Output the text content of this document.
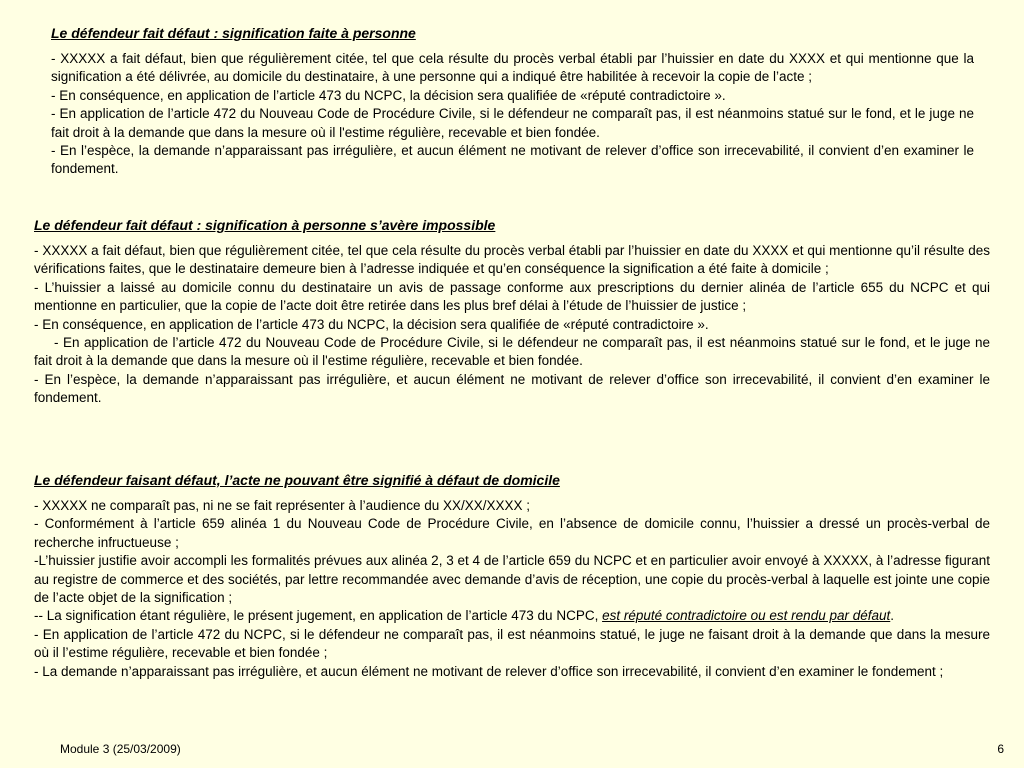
Le défendeur fait défaut : signification faite à personne

- XXXXX a fait défaut, bien que régulièrement citée, tel que cela résulte du procès verbal établi par l’huissier en date du XXXX et qui mentionne que la signification a été délivrée, au domicile du destinataire, à une personne qui a indiqué être habilitée à recevoir la copie de l’acte ;

- En conséquence, en application de l’article 473 du NCPC, la décision sera qualifiée de «réputé contradictoire ».

- En application de l’article 472 du Nouveau Code de Procédure Civile, si le défendeur ne comparaît pas, il est néanmoins statué sur le fond, et le juge ne fait droit à la demande que dans la mesure où il l'estime régulière, recevable et bien fondée.

- En l’espèce, la demande n’apparaissant pas irrégulière, et aucun élément ne motivant de relever d’office son irrecevabilité, il convient d’en examiner le fondement.

Le défendeur fait défaut : signification à personne s’avère impossible

- XXXXX a fait défaut, bien que régulièrement citée, tel que cela résulte du procès verbal établi par l’huissier en date du XXXX et qui mentionne qu’il résulte des vérifications faites, que le destinataire demeure bien à l’adresse indiquée et qu’en conséquence la signification a été faite à domicile ;

- L’huissier a laissé au domicile connu du destinataire un avis de passage conforme aux prescriptions du dernier alinéa de l’article 655 du NCPC et qui mentionne en particulier, que la copie de l’acte doit être retirée dans les plus bref délai à l’étude de l’huissier de justice ;

- En conséquence, en application de l’article 473 du NCPC, la décision sera qualifiée de «réputé contradictoire ».

- En application de l’article 472 du Nouveau Code de Procédure Civile, si le défendeur ne comparaît pas, il est néanmoins statué sur le fond, et le juge ne fait droit à la demande que dans la mesure où il l'estime régulière, recevable et bien fondée.

- En l’espèce, la demande n’apparaissant pas irrégulière, et aucun élément ne motivant de relever d’office son irrecevabilité, il convient d’en examiner le fondement.

Le défendeur faisant défaut, l’acte ne pouvant être signifié à défaut de domicile

- XXXXX ne comparaît pas, ni ne se fait représenter à l’audience du XX/XX/XXXX ;

- Conformément à l’article 659 alinéa 1 du Nouveau Code de Procédure Civile, en l’absence de domicile connu, l’huissier a dressé un procès-verbal de recherche infructueuse ;

-L’huissier justifie avoir accompli les formalités prévues aux alinéa 2, 3 et 4 de l’article 659 du NCPC et en particulier avoir envoyé à XXXXX, à l’adresse figurant au registre de commerce et des sociétés, par lettre recommandée avec demande d’avis de réception, une copie du procès-verbal à laquelle est jointe une copie de l’acte objet de la signification ;

-- La signification étant régulière, le présent jugement, en application de l’article 473 du NCPC, est réputé contradictoire ou est rendu par défaut.

- En application de l’article 472 du NCPC, si le défendeur ne comparaît pas, il est néanmoins statué, le juge ne faisant droit à la demande que dans la mesure où il l’estime régulière, recevable et bien fondée ;

- La demande n’apparaissant pas irrégulière, et aucun élément ne motivant de relever d’office son irrecevabilité, il convient d’en examiner le fondement ;

Module 3 (25/03/2009)	6
